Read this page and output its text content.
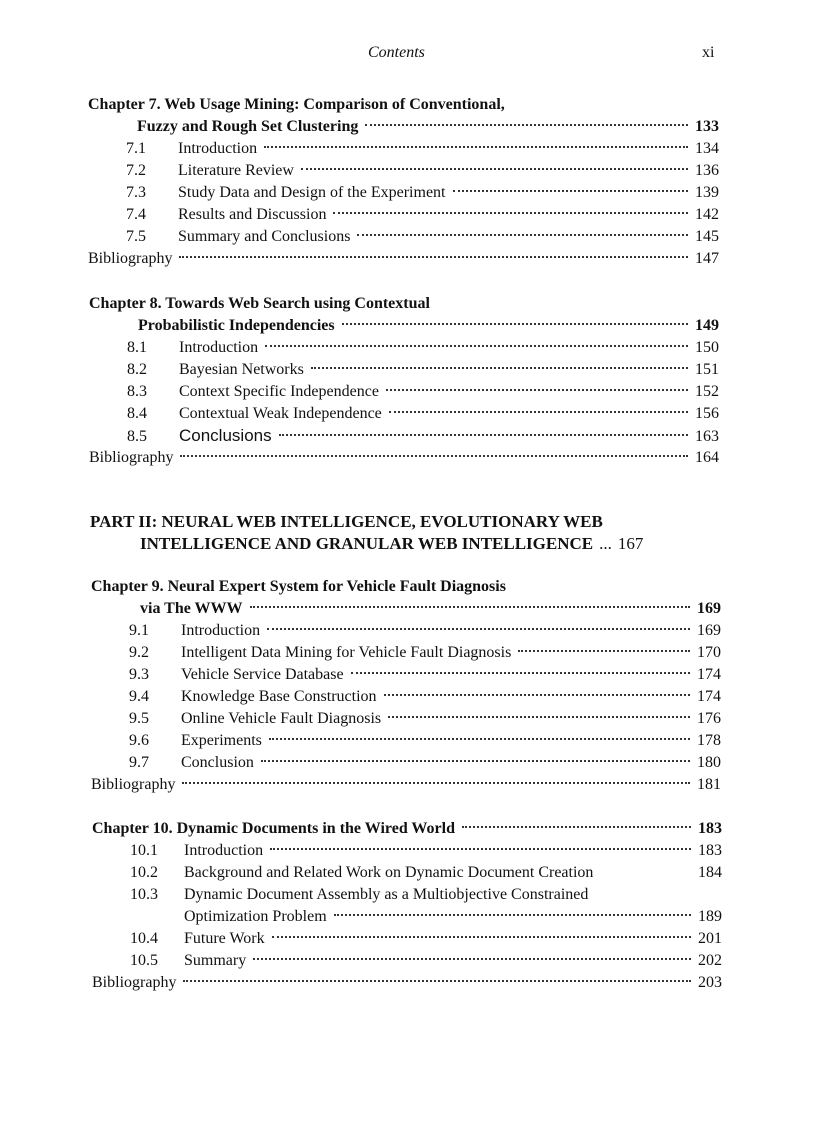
Contents	xi
Chapter 7. Web Usage Mining: Comparison of Conventional,
Fuzzy and Rough Set Clustering	133
7.1	Introduction	134
7.2	Literature Review	136
7.3	Study Data and Design of the Experiment	139
7.4	Results and Discussion	142
7.5	Summary and Conclusions	145
Bibliography	147
Chapter 8. Towards Web Search using Contextual
Probabilistic Independencies	149
8.1	Introduction	150
8.2	Bayesian Networks	151
8.3	Context Specific Independence	152
8.4	Contextual Weak Independence	156
8.5	Conclusions	163
Bibliography	164
PART II: NEURAL WEB INTELLIGENCE, EVOLUTIONARY WEB
INTELLIGENCE AND GRANULAR WEB INTELLIGENCE ... 167
Chapter 9. Neural Expert System for Vehicle Fault Diagnosis
via The WWW	169
9.1	Introduction	169
9.2	Intelligent Data Mining for Vehicle Fault Diagnosis	170
9.3	Vehicle Service Database	174
9.4	Knowledge Base Construction	174
9.5	Online Vehicle Fault Diagnosis	176
9.6	Experiments	178
9.7	Conclusion	180
Bibliography	181
Chapter 10. Dynamic Documents in the Wired World	183
10.1	Introduction	183
10.2	Background and Related Work on Dynamic Document Creation	184
10.3	Dynamic Document Assembly as a Multiobjective Constrained
Optimization Problem	189
10.4	Future Work	201
10.5	Summary	202
Bibliography	203
